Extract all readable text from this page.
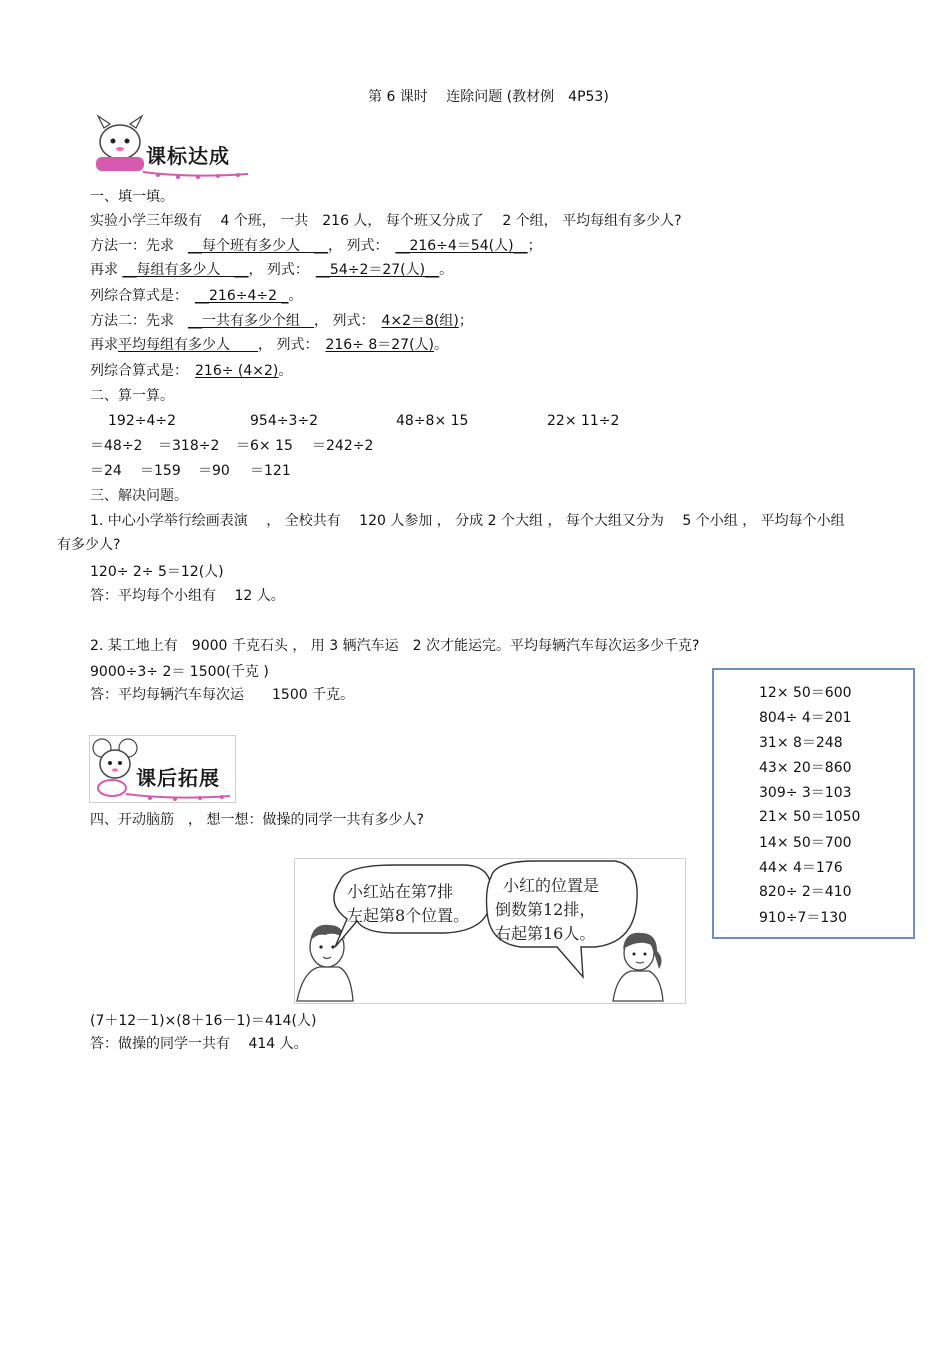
第 6 课时　 连除问题 (教材例　4P53)
课标达成
一、填一填。
实验小学三年级有　 4 个班， 一共　216 人， 每个班又分成了　 2 个组， 平均每组有多少人?
方法一：先求　__每个班有多少人　__， 列式：　__216÷4＝54(人)__；
再求 __每组有多少人　__， 列式：　__54÷2＝27(人)__。
列综合算式是：　__216÷4÷2 _。
方法二：先求　__一共有多少个组　， 列式：　4×2＝8(组)；
再求平均每组有多少人　　， 列式：　216÷ 8＝27(人)。
列综合算式是：　216÷ (4×2)。
二、算一算。
192÷4÷2	954÷3÷2	48÷8× 15	22× 11÷2
＝48÷2 ＝318÷2 ＝6× 15 ＝242÷2
＝24 ＝159 ＝90 ＝121
三、解决问题。
1. 中心小学举行绘画表演　 ， 全校共有　 120 人参加 ， 分成 2 个大组 ， 每个大组又分为　 5 个小组 ， 平均每个小组
有多少人?
120÷ 2÷ 5＝12(人)
答：平均每个小组有　 12 人。
2. 某工地上有　9000 千克石头 ， 用 3 辆汽车运　2 次才能运完。平均每辆汽车每次运多少千克?
9000÷3÷ 2＝ 1500(千克 )
答：平均每辆汽车每次运　　1500 千克。	12× 50＝600
804÷ 4＝201
31× 8＝248
43× 20＝860
309÷ 3＝103
21× 50＝1050
14× 50＝700
44× 4＝176
820÷ 2＝410
910÷7＝130
课后拓展
四、开动脑筋　， 想一想：做操的同学一共有多少人?
小红站在第7排
左起第8个位置。
小红的位置是
倒数第12排，
右起第16人。
(7＋12－1)×(8＋16－1)＝414(人)
答：做操的同学一共有　 414 人。
